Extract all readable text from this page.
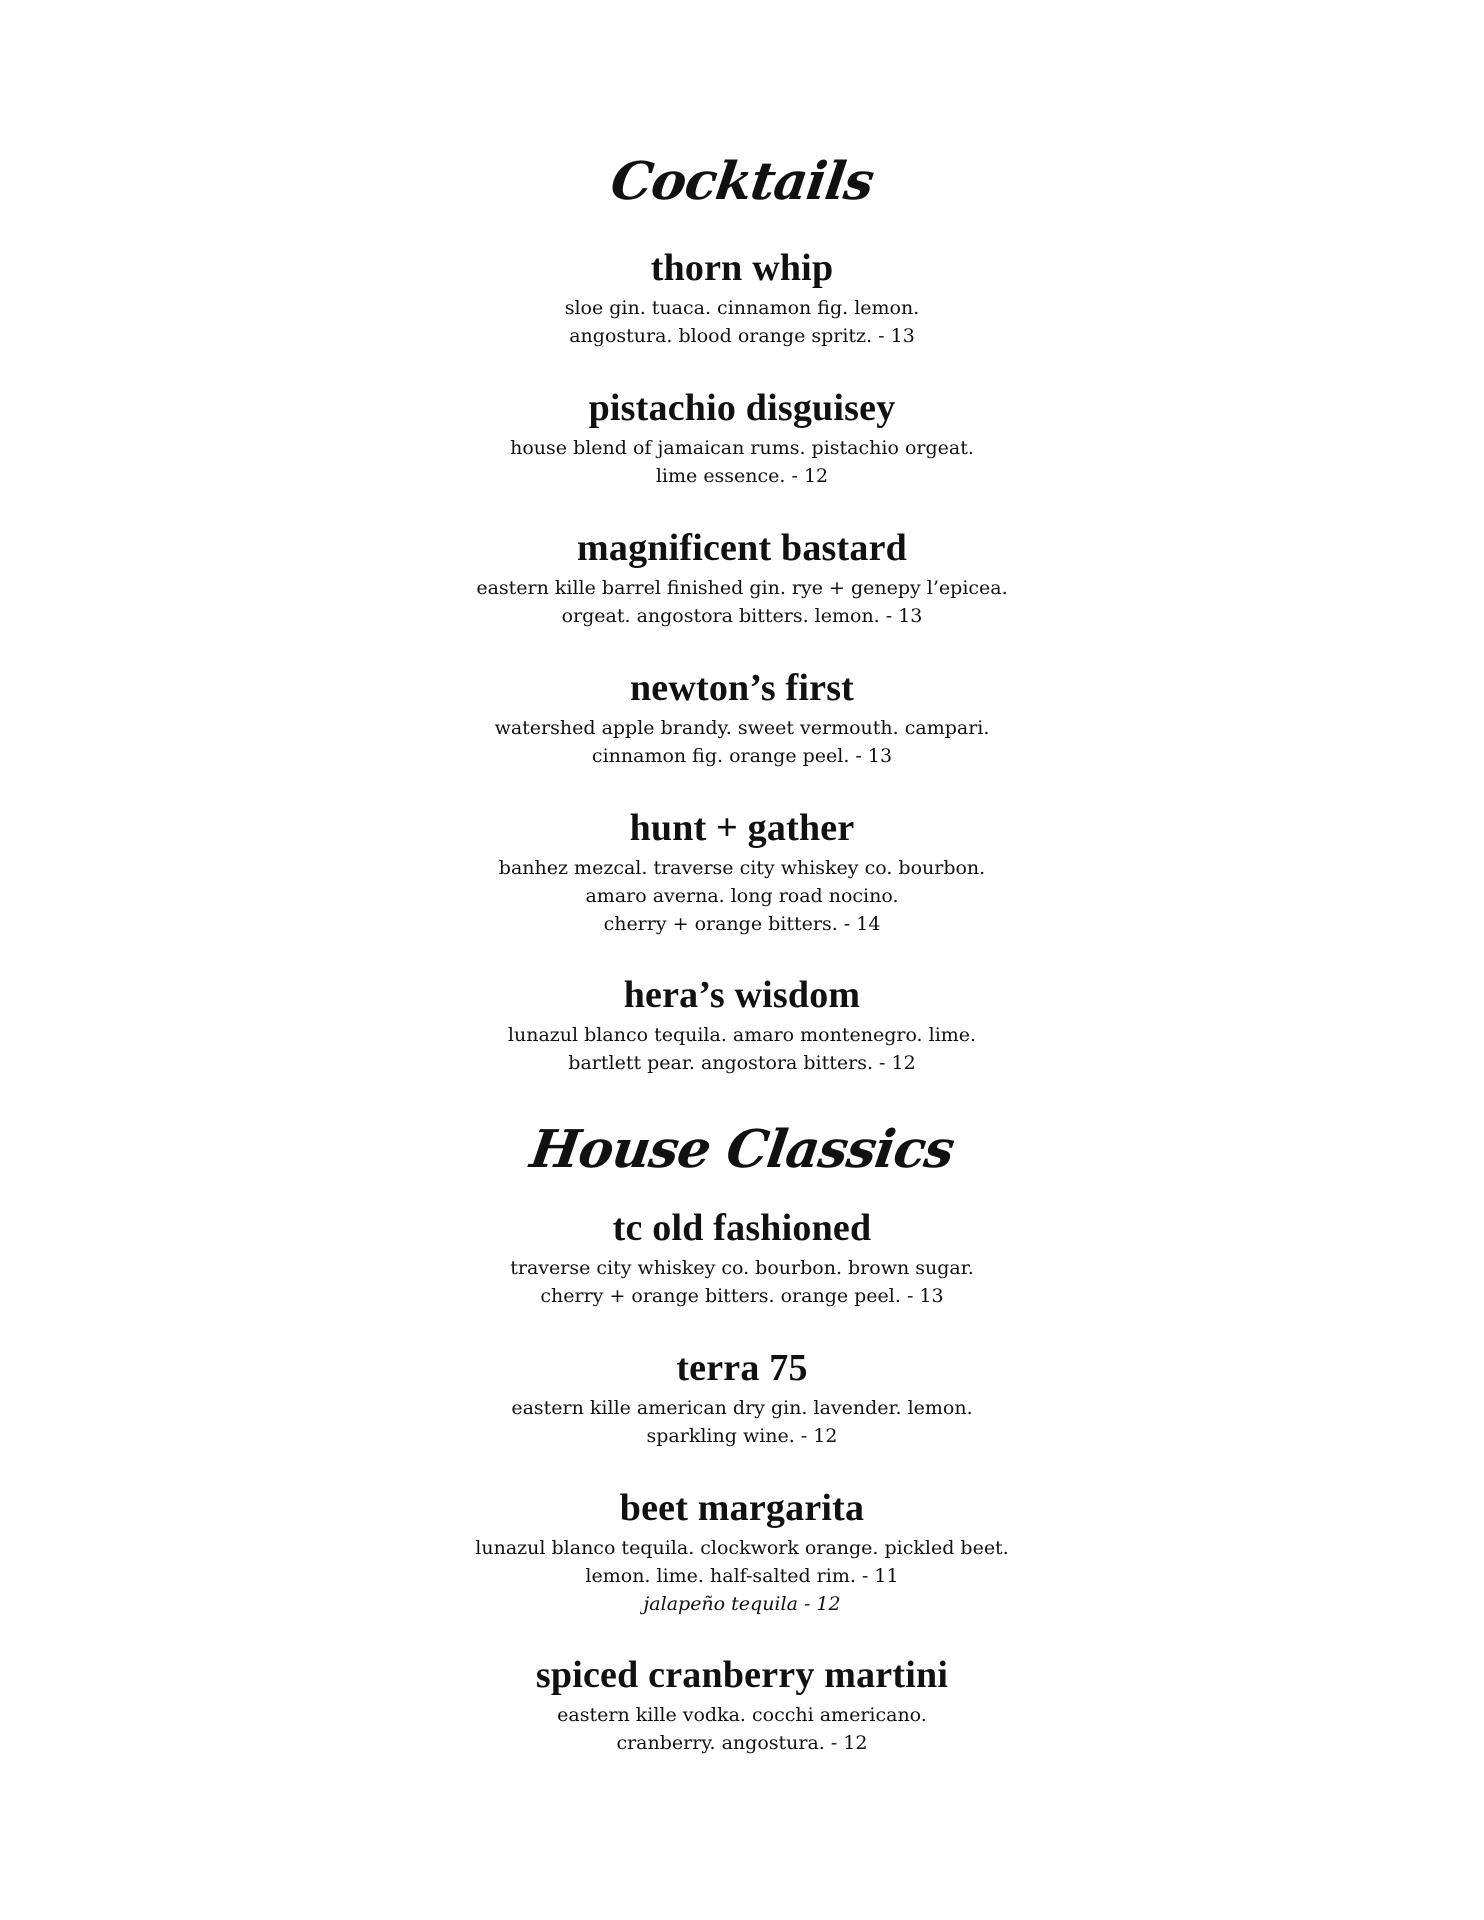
Cocktails
thorn whip

sloe gin. tuaca. cinnamon fig. lemon.
angostura. blood orange spritz. - 13

pistachio disguisey

house blend of jamaican rums. pistachio orgeat.
lime essence. - 12

magnificent bastard

eastern kille barrel finished gin. rye + genepy l’epicea.
orgeat. angostora bitters. lemon. - 13

newton’s first

watershed apple brandy. sweet vermouth. campari.
cinnamon fig. orange peel. - 13

hunt + gather

banhez mezcal. traverse city whiskey co. bourbon.
amaro averna. long road nocino.
cherry + orange bitters. - 14

hera’s wisdom

lunazul blanco tequila. amaro montenegro. lime.
bartlett pear. angostora bitters. - 12

House Classics
tc old fashioned

traverse city whiskey co. bourbon. brown sugar.
cherry + orange bitters. orange peel. - 13

terra 75

eastern kille american dry gin. lavender. lemon.
sparkling wine. - 12

beet margarita

lunazul blanco tequila. clockwork orange. pickled beet.
lemon. lime. half-salted rim. - 11
jalapeño tequila - 12

spiced cranberry martini

eastern kille vodka. cocchi americano.
cranberry. angostura. - 12
